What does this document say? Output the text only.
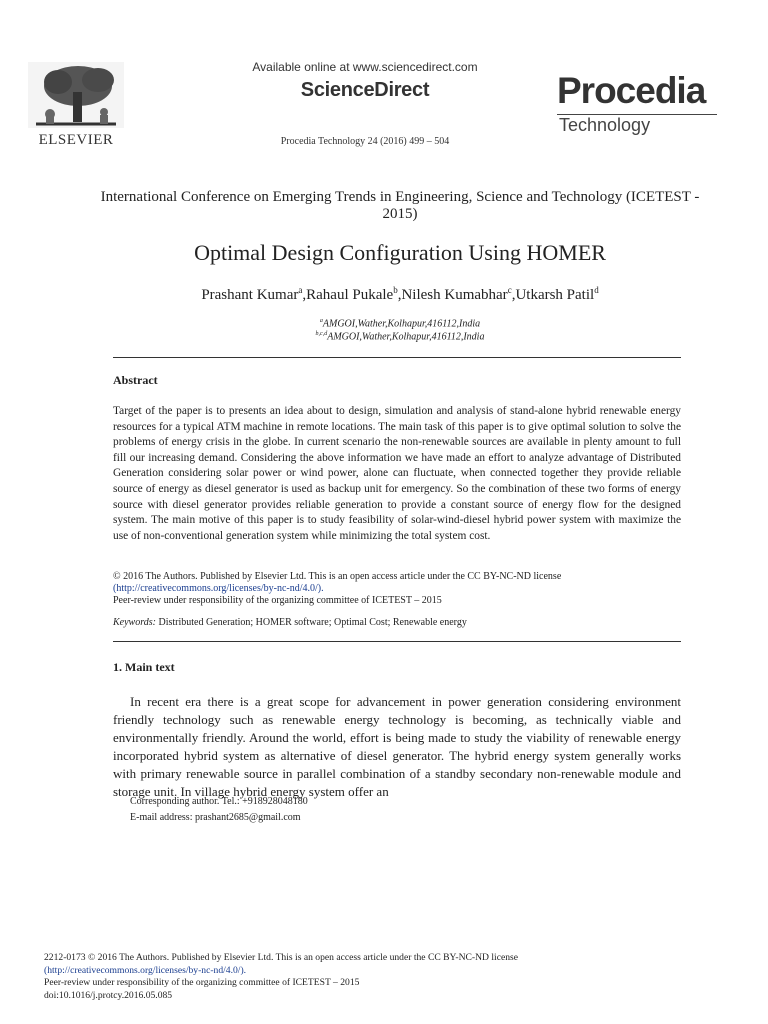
ELSEVIER
Available online at www.sciencedirect.com
ScienceDirect
Procedia Technology 24 (2016) 499 – 504
Procedia
Technology
International Conference on Emerging Trends in Engineering, Science and Technology (ICETEST - 2015)
Optimal Design Configuration Using HOMER
Prashant Kumar$^a$,Rahaul Pukale$^b$,Nilesh Kumabhar$^c$,Utkarsh Patil$^d$
$^a$AMGOI,Wather,Kolhapur,416112,India
$^{b,c,d}$AMGOI,Wather,Kolhapur,416112,India
Abstract
Target of the paper is to presents an idea about to design, simulation and analysis of stand-alone hybrid renewable energy resources for a typical ATM machine in remote locations. The main task of this paper is to give optimal solution to solve the problems of energy crisis in the globe. In current scenario the non-renewable sources are available in plenty amount to full fill our increasing demand. Considering the above information we have made an effort to analyze advantage of Distributed Generation considering solar power or wind power, alone can fluctuate, when connected together they provide reliable source of energy as diesel generator is used as backup unit for emergency. So the combination of these two forms of energy source with diesel generator provides reliable generation to provide a constant source of energy flow for the designed system. The main motive of this paper is to study feasibility of solar-wind-diesel hybrid power system with maximize the use of non-conventional generation system while minimizing the total system cost.
© 2016 The Authors. Published by Elsevier Ltd. This is an open access article under the CC BY-NC-ND license
(http://creativecommons.org/licenses/by-nc-nd/4.0/).
Peer-review under responsibility of the organizing committee of ICETEST – 2015
Keywords: Distributed Generation; HOMER software; Optimal Cost; Renewable energy
1. Main text
In recent era there is a great scope for advancement in power generation considering environment friendly technology such as renewable energy technology is becoming, as technically viable and environmentally friendly. Around the world, effort is being made to study the viability of renewable energy incorporated hybrid system as alternative of diesel generator. The hybrid energy system generally works with primary renewable source in parallel combination of a standby secondary non-renewable module and storage unit. In village hybrid energy system offer an
Corresponding author. Tel.: +918928048180
E-mail address: prashant2685@gmail.com
2212-0173 © 2016 The Authors. Published by Elsevier Ltd. This is an open access article under the CC BY-NC-ND license
(http://creativecommons.org/licenses/by-nc-nd/4.0/).
Peer-review under responsibility of the organizing committee of ICETEST – 2015
doi:10.1016/j.protcy.2016.05.085
